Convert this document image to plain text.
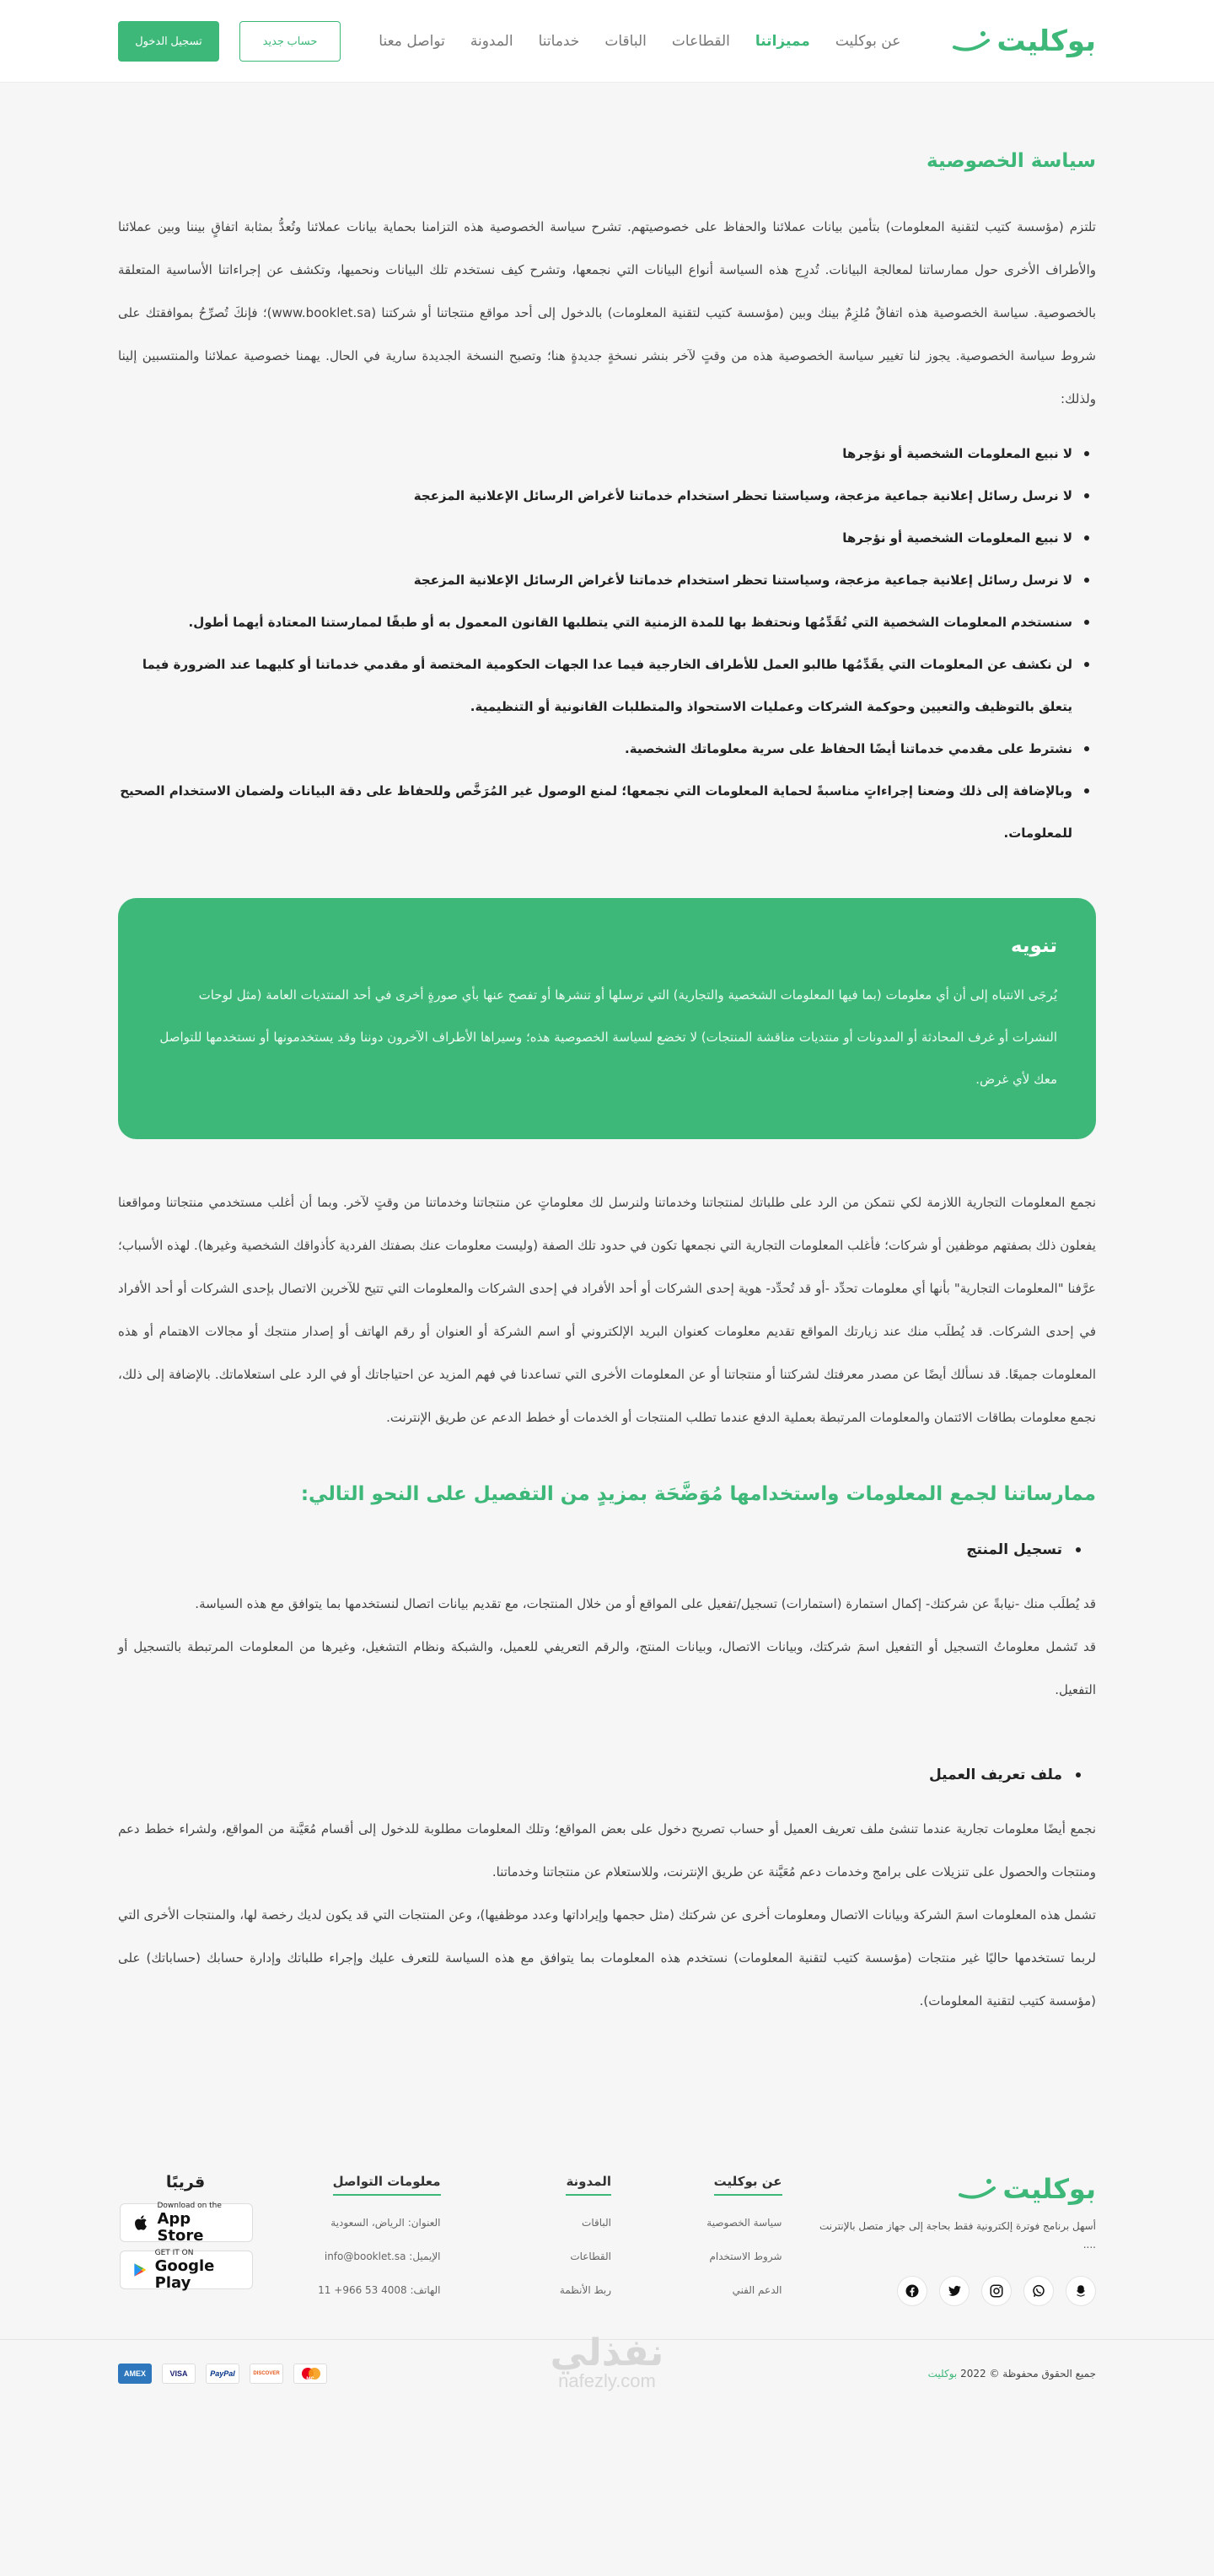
بوكليت
عن بوكليت
مميزاتنا
القطاعات
الباقات
خدماتنا
المدونة
تواصل معنا
حساب جديد
تسجيل الدخول
سياسة الخصوصية

تلتزم (مؤسسة كتيب لتقنية المعلومات) بتأمين بيانات عملائنا والحفاظ على خصوصيتهم. تشرح سياسة الخصوصية هذه التزامنا بحماية بيانات عملائنا وتُعدُّ بمثابة اتفاقٍ بيننا وبين عملائنا والأطراف الأخرى حول ممارساتنا لمعالجة البيانات. تُدرِج هذه السياسة أنواع البيانات التي نجمعها، وتشرح كيف نستخدم تلك البيانات ونحميها، وتكشف عن إجراءاتنا الأساسية المتعلقة بالخصوصية. سياسة الخصوصية هذه اتفاقٌ مُلزِمٌ بينك وبين (مؤسسة كتيب لتقنية المعلومات) بالدخول إلى أحد مواقع منتجاتنا أو شركتنا (www.booklet.sa)؛ فإنكَ تُصرِّحُ بموافقتك على شروط سياسة الخصوصية. يجوز لنا تغيير سياسة الخصوصية هذه من وقتٍ لآخر بنشر نسخةٍ جديدةٍ هنا؛ وتصبح النسخة الجديدة سارية في الحال. يهمنا خصوصية عملائنا والمنتسبين إلينا ولذلك:

لا نبيع المعلومات الشخصية أو نؤجرها
لا نرسل رسائل إعلانية جماعية مزعجة، وسياستنا تحظر استخدام خدماتنا لأغراض الرسائل الإعلانية المزعجة
لا نبيع المعلومات الشخصية أو نؤجرها
لا نرسل رسائل إعلانية جماعية مزعجة، وسياستنا تحظر استخدام خدماتنا لأغراض الرسائل الإعلانية المزعجة
سنستخدم المعلومات الشخصية التي تُقَدِّمُها ونحتفظ بها للمدة الزمنية التي يتطلبها القانون المعمول به أو طبقًا لممارستنا المعتادة أيهما أطول.
لن نكشف عن المعلومات التي يقَدِّمُها طالبو العمل للأطراف الخارجية فيما عدا الجهات الحكومية المختصة أو مقدمي خدماتنا أو كليهما عند الضرورة فيما يتعلق بالتوظيف والتعيين وحوكمة الشركات وعمليات الاستحواذ والمتطلبات القانونية أو التنظيمية.
نشترط على مقدمي خدماتنا أيضًا الحفاظ على سرية معلوماتك الشخصية.
وبالإضافة إلى ذلك وضعنا إجراءاتٍ مناسبةً لحماية المعلومات التي نجمعها؛ لمنع الوصول غير المُرَخَّص وللحفاظ على دقة البيانات ولضمان الاستخدام الصحيح للمعلومات.
تنويه

يُرجَى الانتباه إلى أن أي معلومات (بما فيها المعلومات الشخصية والتجارية) التي ترسلها أو تنشرها أو تفصح عنها بأي صورةٍ أخرى في أحد المنتديات العامة (مثل لوحات النشرات أو غرف المحادثة أو المدونات أو منتديات مناقشة المنتجات) لا تخضع لسياسة الخصوصية هذه؛ وسيراها الأطراف الآخرون دوننا وقد يستخدمونها أو نستخدمها للتواصل معك لأي غرض.

نجمع المعلومات التجارية اللازمة لكي نتمكن من الرد على طلباتك لمنتجاتنا وخدماتنا ولنرسل لك معلوماتٍ عن منتجاتنا وخدماتنا من وقتٍ لآخر. وبما أن أغلب مستخدمي منتجاتنا ومواقعنا يفعلون ذلك بصفتهم موظفين أو شركات؛ فأغلب المعلومات التجارية التي نجمعها تكون في حدود تلك الصفة (وليست معلومات عنك بصفتك الفردية كأذواقك الشخصية وغيرها). لهذه الأسباب؛ عرَّفنا "المعلومات التجارية" بأنها أي معلومات تحدِّد -أو قد تُحدِّد- هوية إحدى الشركات أو أحد الأفراد في إحدى الشركات والمعلومات التي تتيح للآخرين الاتصال بإحدى الشركات أو أحد الأفراد في إحدى الشركات. قد يُطلَب منك عند زيارتك المواقع تقديم معلومات كعنوان البريد الإلكتروني أو اسم الشركة أو العنوان أو رقم الهاتف أو إصدار منتجك أو مجالات الاهتمام أو هذه المعلومات جميعًا. قد نسألك أيضًا عن مصدر معرفتك لشركتنا أو منتجاتنا أو عن المعلومات الأخرى التي تساعدنا في فهم المزيد عن احتياجاتك أو في الرد على استعلاماتك. بالإضافة إلى ذلك، نجمع معلومات بطاقات الائتمان والمعلومات المرتبطة بعملية الدفع عندما تطلب المنتجات أو الخدمات أو خطط الدعم عن طريق الإنترنت.

ممارساتنا لجمع المعلومات واستخدامها مُوَضَّحَة بمزيدٍ من التفصيل على النحو التالي:
تسجيل المنتج

قد يُطلَب منك -نيابةً عن شركتك- إكمال استمارة (استمارات) تسجيل/تفعيل على المواقع أو من خلال المنتجات، مع تقديم بيانات اتصال لنستخدمها بما يتوافق مع هذه السياسة.

قد تَشمل معلوماتُ التسجيل أو التفعيل اسمَ شركتك، وبيانات الاتصال، وبيانات المنتج، والرقم التعريفي للعميل، والشبكة ونظام التشغيل، وغيرها من المعلومات المرتبطة بالتسجيل أو التفعيل.

ملف تعريف العميل

نجمع أيضًا معلومات تجارية عندما تنشئ ملف تعريف العميل أو حساب تصريح دخول على بعض المواقع؛ وتلك المعلومات مطلوبة للدخول إلى أقسام مُعَيَّنة من المواقع، ولشراء خطط دعم ومنتجات والحصول على تنزيلات على برامج وخدمات دعم مُعَيَّنة عن طريق الإنترنت، وللاستعلام عن منتجاتنا وخدماتنا.

تشمل هذه المعلومات اسمَ الشركة وبيانات الاتصال ومعلومات أخرى عن شركتك (مثل حجمها وإيراداتها وعدد موظفيها)، وعن المنتجات التي قد يكون لديك رخصة لها، والمنتجات الأخرى التي لربما تستخدمها حاليًا غير منتجات (مؤسسة كتيب لتقنية المعلومات) نستخدم هذه المعلومات بما يتوافق مع هذه السياسة للتعرف عليك وإجراء طلباتك وإدارة حسابك (حساباتك) على (مؤسسة كتيب لتقنية المعلومات).

بوكليت

أسهل برنامج فوترة إلكترونية فقط بحاجة إلى جهاز متصل بالإنترنت ....

عن بوكليت
سياسة الخصوصية
شروط الاستخدام
الدعم الفني
المدونة
الباقات
القطاعات
ربط الأنظمة
معلومات التواصل
العنوان: الرياض، السعودية
الإيميل: info@booklet.sa
الهاتف: 4008 53 966+ 11
قريبًا
Download on the
App Store
GET IT ON
Google Play
نفذلي
nafezly.com	جميع الحقوق محفوظة © 2022 بوكليت
AMEX	VISA	PayPal	DISCOVER
MC
